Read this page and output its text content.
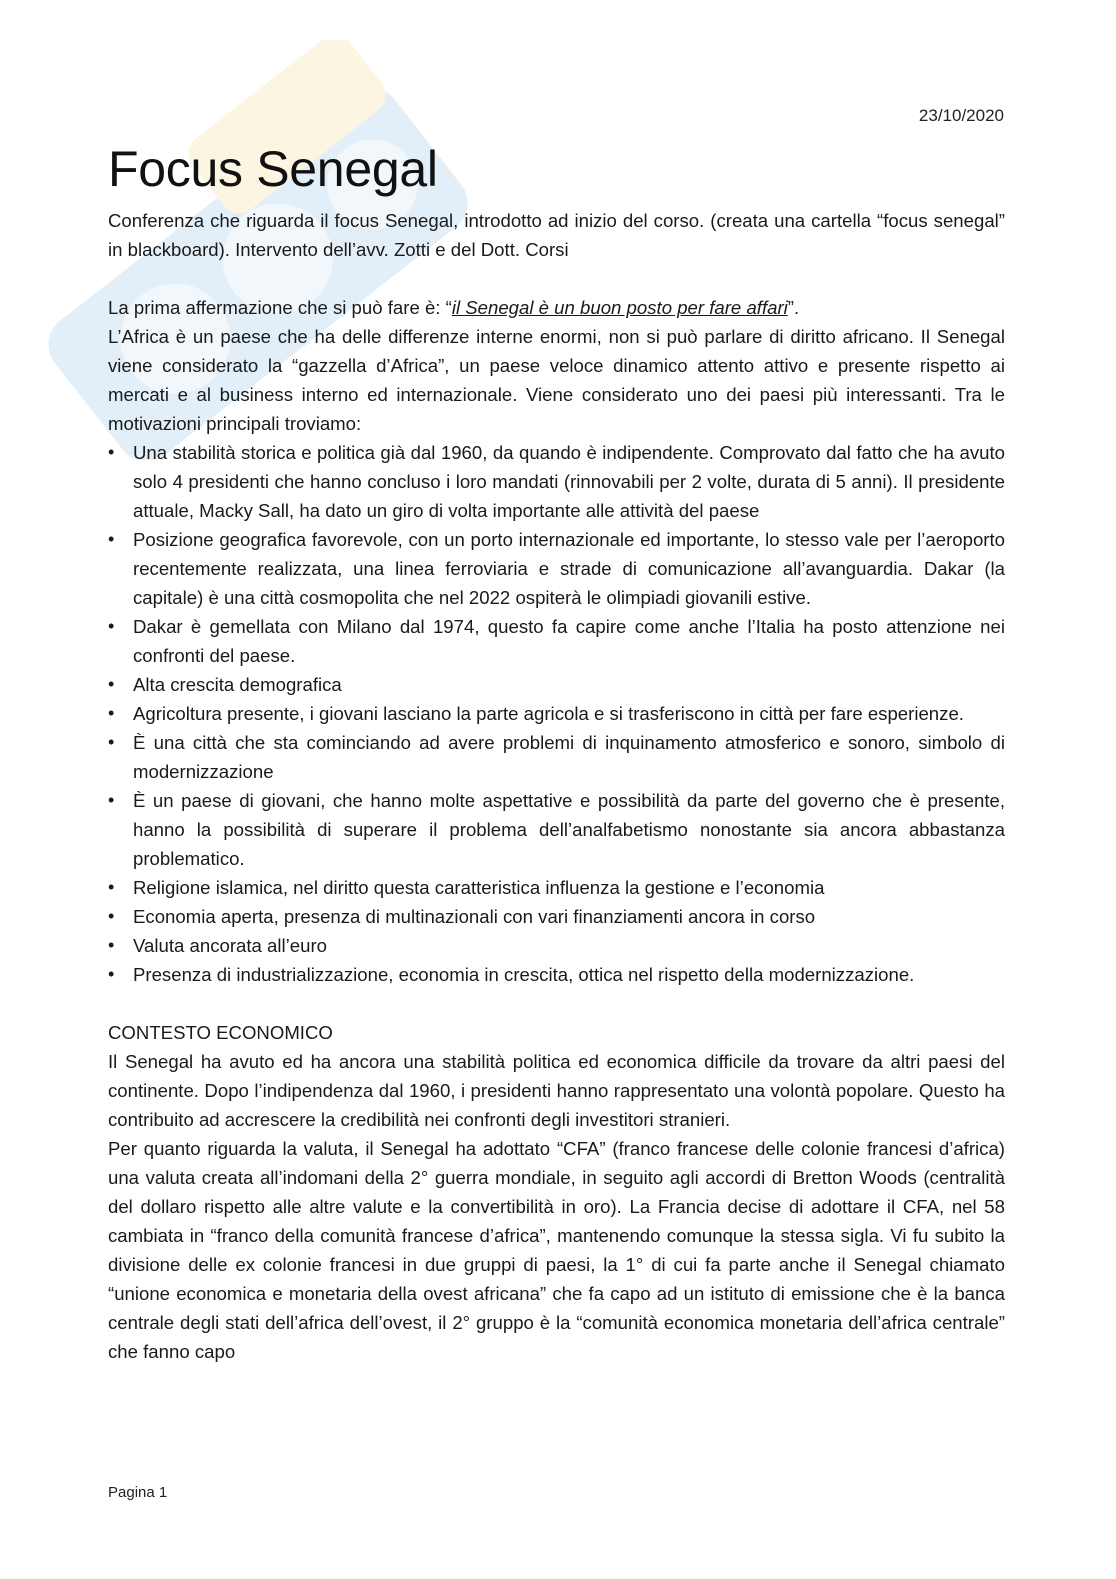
23/10/2020
Focus Senegal

Conferenza che riguarda il focus Senegal, introdotto ad inizio del corso. (creata una cartella “focus senegal” in blackboard). Intervento dell’avv. Zotti e del Dott. Corsi

La prima affermazione che si può fare è: “il Senegal è un buon posto per fare affari”.

L’Africa è un paese che ha delle differenze interne enormi, non si può parlare di diritto africano. Il Senegal viene considerato la “gazzella d’Africa”, un paese veloce dinamico attento attivo e presente rispetto ai mercati e al business interno ed internazionale. Viene considerato uno dei paesi più interessanti. Tra le motivazioni principali troviamo:

• Una stabilità storica e politica già dal 1960, da quando è indipendente. Comprovato dal fatto che ha avuto solo 4 presidenti che hanno concluso i loro mandati (rinnovabili per 2 volte, durata di 5 anni). Il presidente attuale, Macky Sall, ha dato un giro di volta importante alle attività del paese
• Posizione geografica favorevole, con un porto internazionale ed importante, lo stesso vale per l’aeroporto recentemente realizzata, una linea ferroviaria e strade di comunicazione all’avanguardia. Dakar (la capitale) è una città cosmopolita che nel 2022 ospiterà le olimpiadi giovanili estive.
• Dakar è gemellata con Milano dal 1974, questo fa capire come anche l’Italia ha posto attenzione nei confronti del paese.
• Alta crescita demografica
• Agricoltura presente, i giovani lasciano la parte agricola e si trasferiscono in città per fare esperienze.
• È una città che sta cominciando ad avere problemi di inquinamento atmosferico e sonoro, simbolo di modernizzazione
• È un paese di giovani, che hanno molte aspettative e possibilità da parte del governo che è presente, hanno la possibilità di superare il problema dell’analfabetismo nonostante sia ancora abbastanza problematico.
• Religione islamica, nel diritto questa caratteristica influenza la gestione e l’economia
• Economia aperta, presenza di multinazionali con vari finanziamenti ancora in corso
• Valuta ancorata all’euro
• Presenza di industrializzazione, economia in crescita, ottica nel rispetto della modernizzazione.

CONTESTO ECONOMICO

Il Senegal ha avuto ed ha ancora una stabilità politica ed economica difficile da trovare da altri paesi del continente. Dopo l’indipendenza dal 1960, i presidenti hanno rappresentato una volontà popolare. Questo ha contribuito ad accrescere la credibilità nei confronti degli investitori stranieri.

Per quanto riguarda la valuta, il Senegal ha adottato “CFA” (franco francese delle colonie francesi d’africa) una valuta creata all’indomani della 2° guerra mondiale, in seguito agli accordi di Bretton Woods (centralità del dollaro rispetto alle altre valute e la convertibilità in oro). La Francia decise di adottare il CFA, nel 58 cambiata in “franco della comunità francese d’africa”, mantenendo comunque la stessa sigla. Vi fu subito la divisione delle ex colonie francesi in due gruppi di paesi, la 1° di cui fa parte anche il Senegal chiamato “unione economica e monetaria della ovest africana” che fa capo ad un istituto di emissione che è la banca centrale degli stati dell’africa dell’ovest, il 2° gruppo è la “comunità economica monetaria dell’africa centrale” che fanno capo

Pagina 1
